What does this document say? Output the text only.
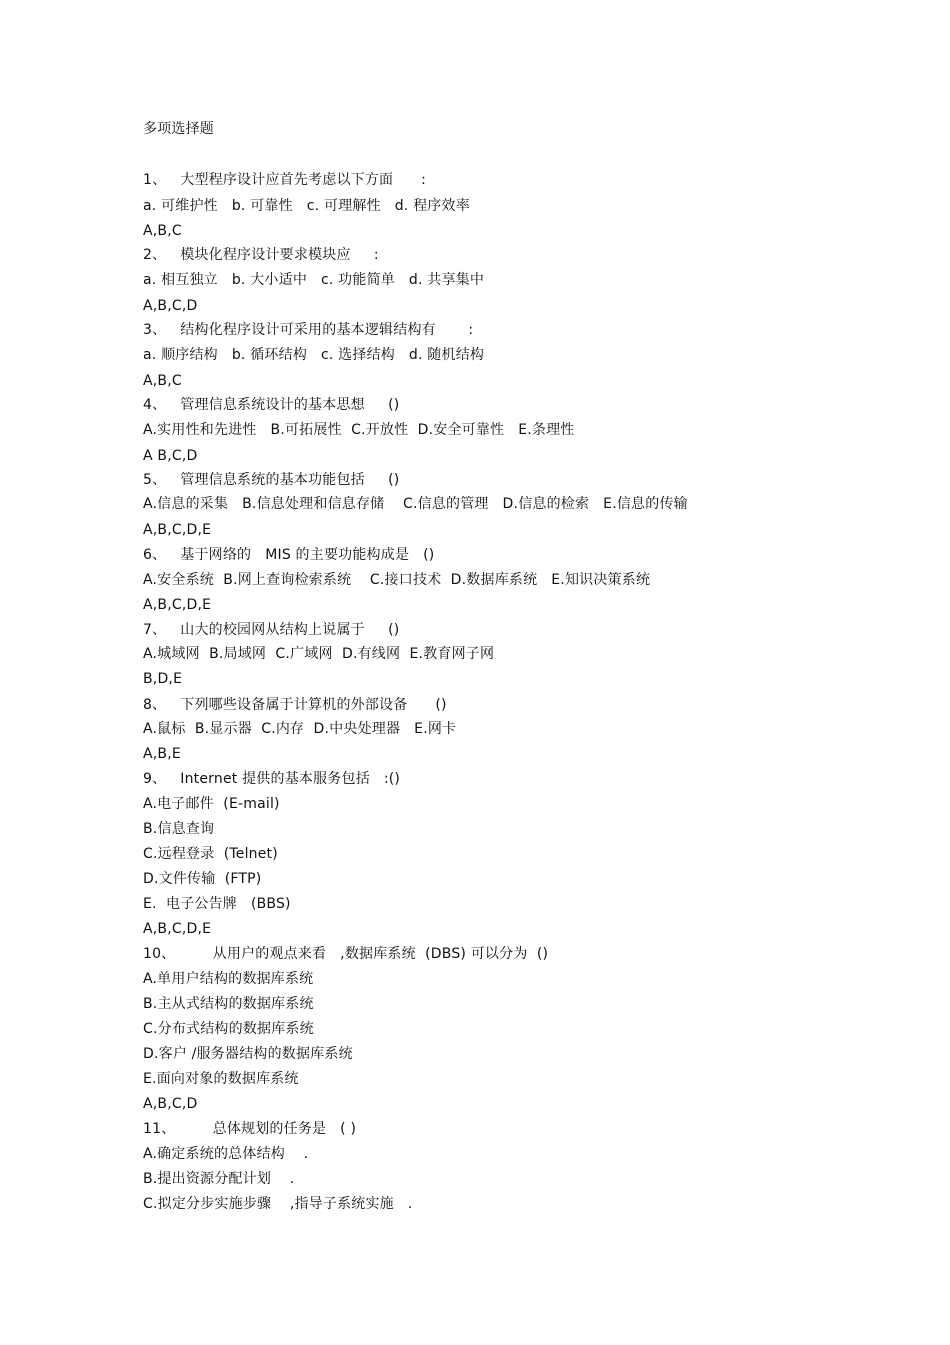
多项选择题
1、   大型程序设计应首先考虑以下方面      :
a. 可维护性   b. 可靠性   c. 可理解性   d. 程序效率
A,B,C
2、   模块化程序设计要求模块应     :
a. 相互独立   b. 大小适中   c. 功能简单   d. 共享集中
A,B,C,D
3、   结构化程序设计可采用的基本逻辑结构有       :
a. 顺序结构   b. 循环结构   c. 选择结构   d. 随机结构
A,B,C
4、   管理信息系统设计的基本思想     ()
A.实用性和先进性   B.可拓展性  C.开放性  D.安全可靠性   E.条理性
A B,C,D
5、   管理信息系统的基本功能包括     ()
A.信息的采集   B.信息处理和信息存储    C.信息的管理   D.信息的检索   E.信息的传输
A,B,C,D,E
6、   基于网络的   MIS 的主要功能构成是   ()
A.安全系统  B.网上查询检索系统    C.接口技术  D.数据库系统   E.知识决策系统
A,B,C,D,E
7、   山大的校园网从结构上说属于     ()
A.城域网  B.局域网  C.广域网  D.有线网  E.教育网子网
B,D,E
8、   下列哪些设备属于计算机的外部设备      ()
A.鼠标  B.显示器  C.内存  D.中央处理器   E.网卡
A,B,E
9、   Internet 提供的基本服务包括   :()
A.电子邮件  (E-mail)
B.信息查询
C.远程登录  (Telnet)
D.文件传输  (FTP)
E.  电子公告牌   (BBS)
A,B,C,D,E
10、        从用户的观点来看   ,数据库系统  (DBS) 可以分为  ()
A.单用户结构的数据库系统
B.主从式结构的数据库系统
C.分布式结构的数据库系统
D.客户 /服务器结构的数据库系统
E.面向对象的数据库系统
A,B,C,D
11、        总体规划的任务是   ( )
A.确定系统的总体结构    .
B.提出资源分配计划    .
C.拟定分步实施步骤    ,指导子系统实施   .
